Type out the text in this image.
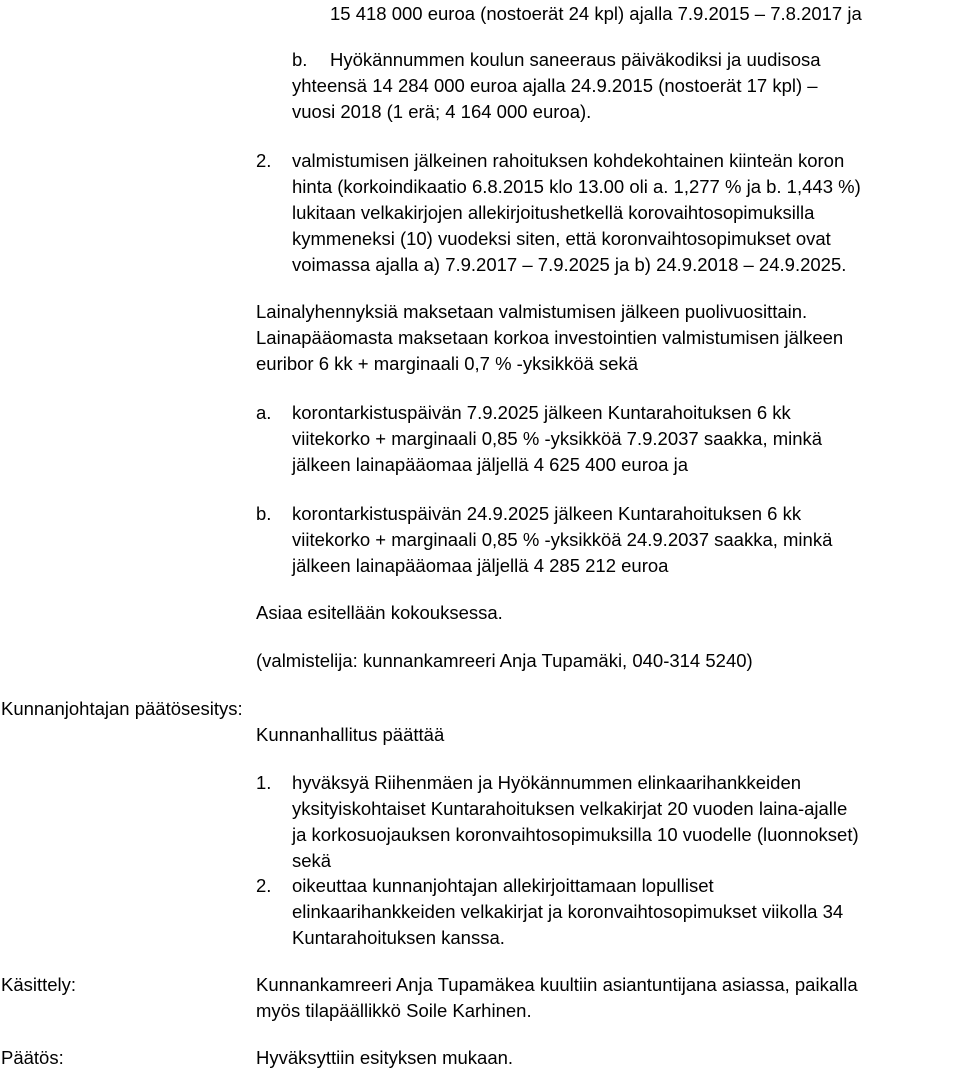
15 418 000 euroa (nostoerät 24 kpl) ajalla 7.9.2015 – 7.8.2017 ja
b. Hyökännummen koulun saneeraus päiväkodiksi ja uudisosa
yhteensä 14 284 000 euroa ajalla 24.9.2015 (nostoerät 17 kpl) –
vuosi 2018 (1 erä; 4 164 000 euroa).
2. valmistumisen jälkeinen rahoituksen kohdekohtainen kiinteän koron
hinta (korkoindikaatio 6.8.2015 klo 13.00 oli a. 1,277 % ja b. 1,443 %)
lukitaan velkakirjojen allekirjoitushetkellä korovaihtosopimuksilla
kymmeneksi (10) vuodeksi siten, että koronvaihtosopimukset ovat
voimassa ajalla a) 7.9.2017 – 7.9.2025 ja b) 24.9.2018 – 24.9.2025.
Lainalyhennyksiä maksetaan valmistumisen jälkeen puolivuosittain.
Lainapääomasta maksetaan korkoa investointien valmistumisen jälkeen
euribor 6 kk + marginaali 0,7 % -yksikköä sekä
a. korontarkistuspäivän 7.9.2025 jälkeen Kuntarahoituksen 6 kk
viitekorko + marginaali 0,85 % -yksikköä 7.9.2037 saakka, minkä
jälkeen lainapääomaa jäljellä 4 625 400 euroa ja
b. korontarkistuspäivän 24.9.2025 jälkeen Kuntarahoituksen 6 kk
viitekorko + marginaali 0,85 % -yksikköä 24.9.2037 saakka, minkä
jälkeen lainapääomaa jäljellä 4 285 212 euroa
Asiaa esitellään kokouksessa.
(valmistelija: kunnankamreeri Anja Tupamäki, 040-314 5240)
Kunnanjohtajan päätösesitys:
Kunnanhallitus päättää
1. hyväksyä Riihenmäen ja Hyökännummen elinkaarihankkeiden
yksityiskohtaiset Kuntarahoituksen velkakirjat 20 vuoden laina-ajalle
ja korkosuojauksen koronvaihtosopimuksilla 10 vuodelle (luonnokset)
sekä
2. oikeuttaa kunnanjohtajan allekirjoittamaan lopulliset
elinkaarihankkeiden velkakirjat ja koronvaihtosopimukset viikolla 34
Kuntarahoituksen kanssa.
Käsittely:	Kunnankamreeri Anja Tupamäkea kuultiin asiantuntijana asiassa, paikalla
myös tilapäällikkö Soile Karhinen.
Päätös:	Hyväksyttiin esityksen mukaan.
